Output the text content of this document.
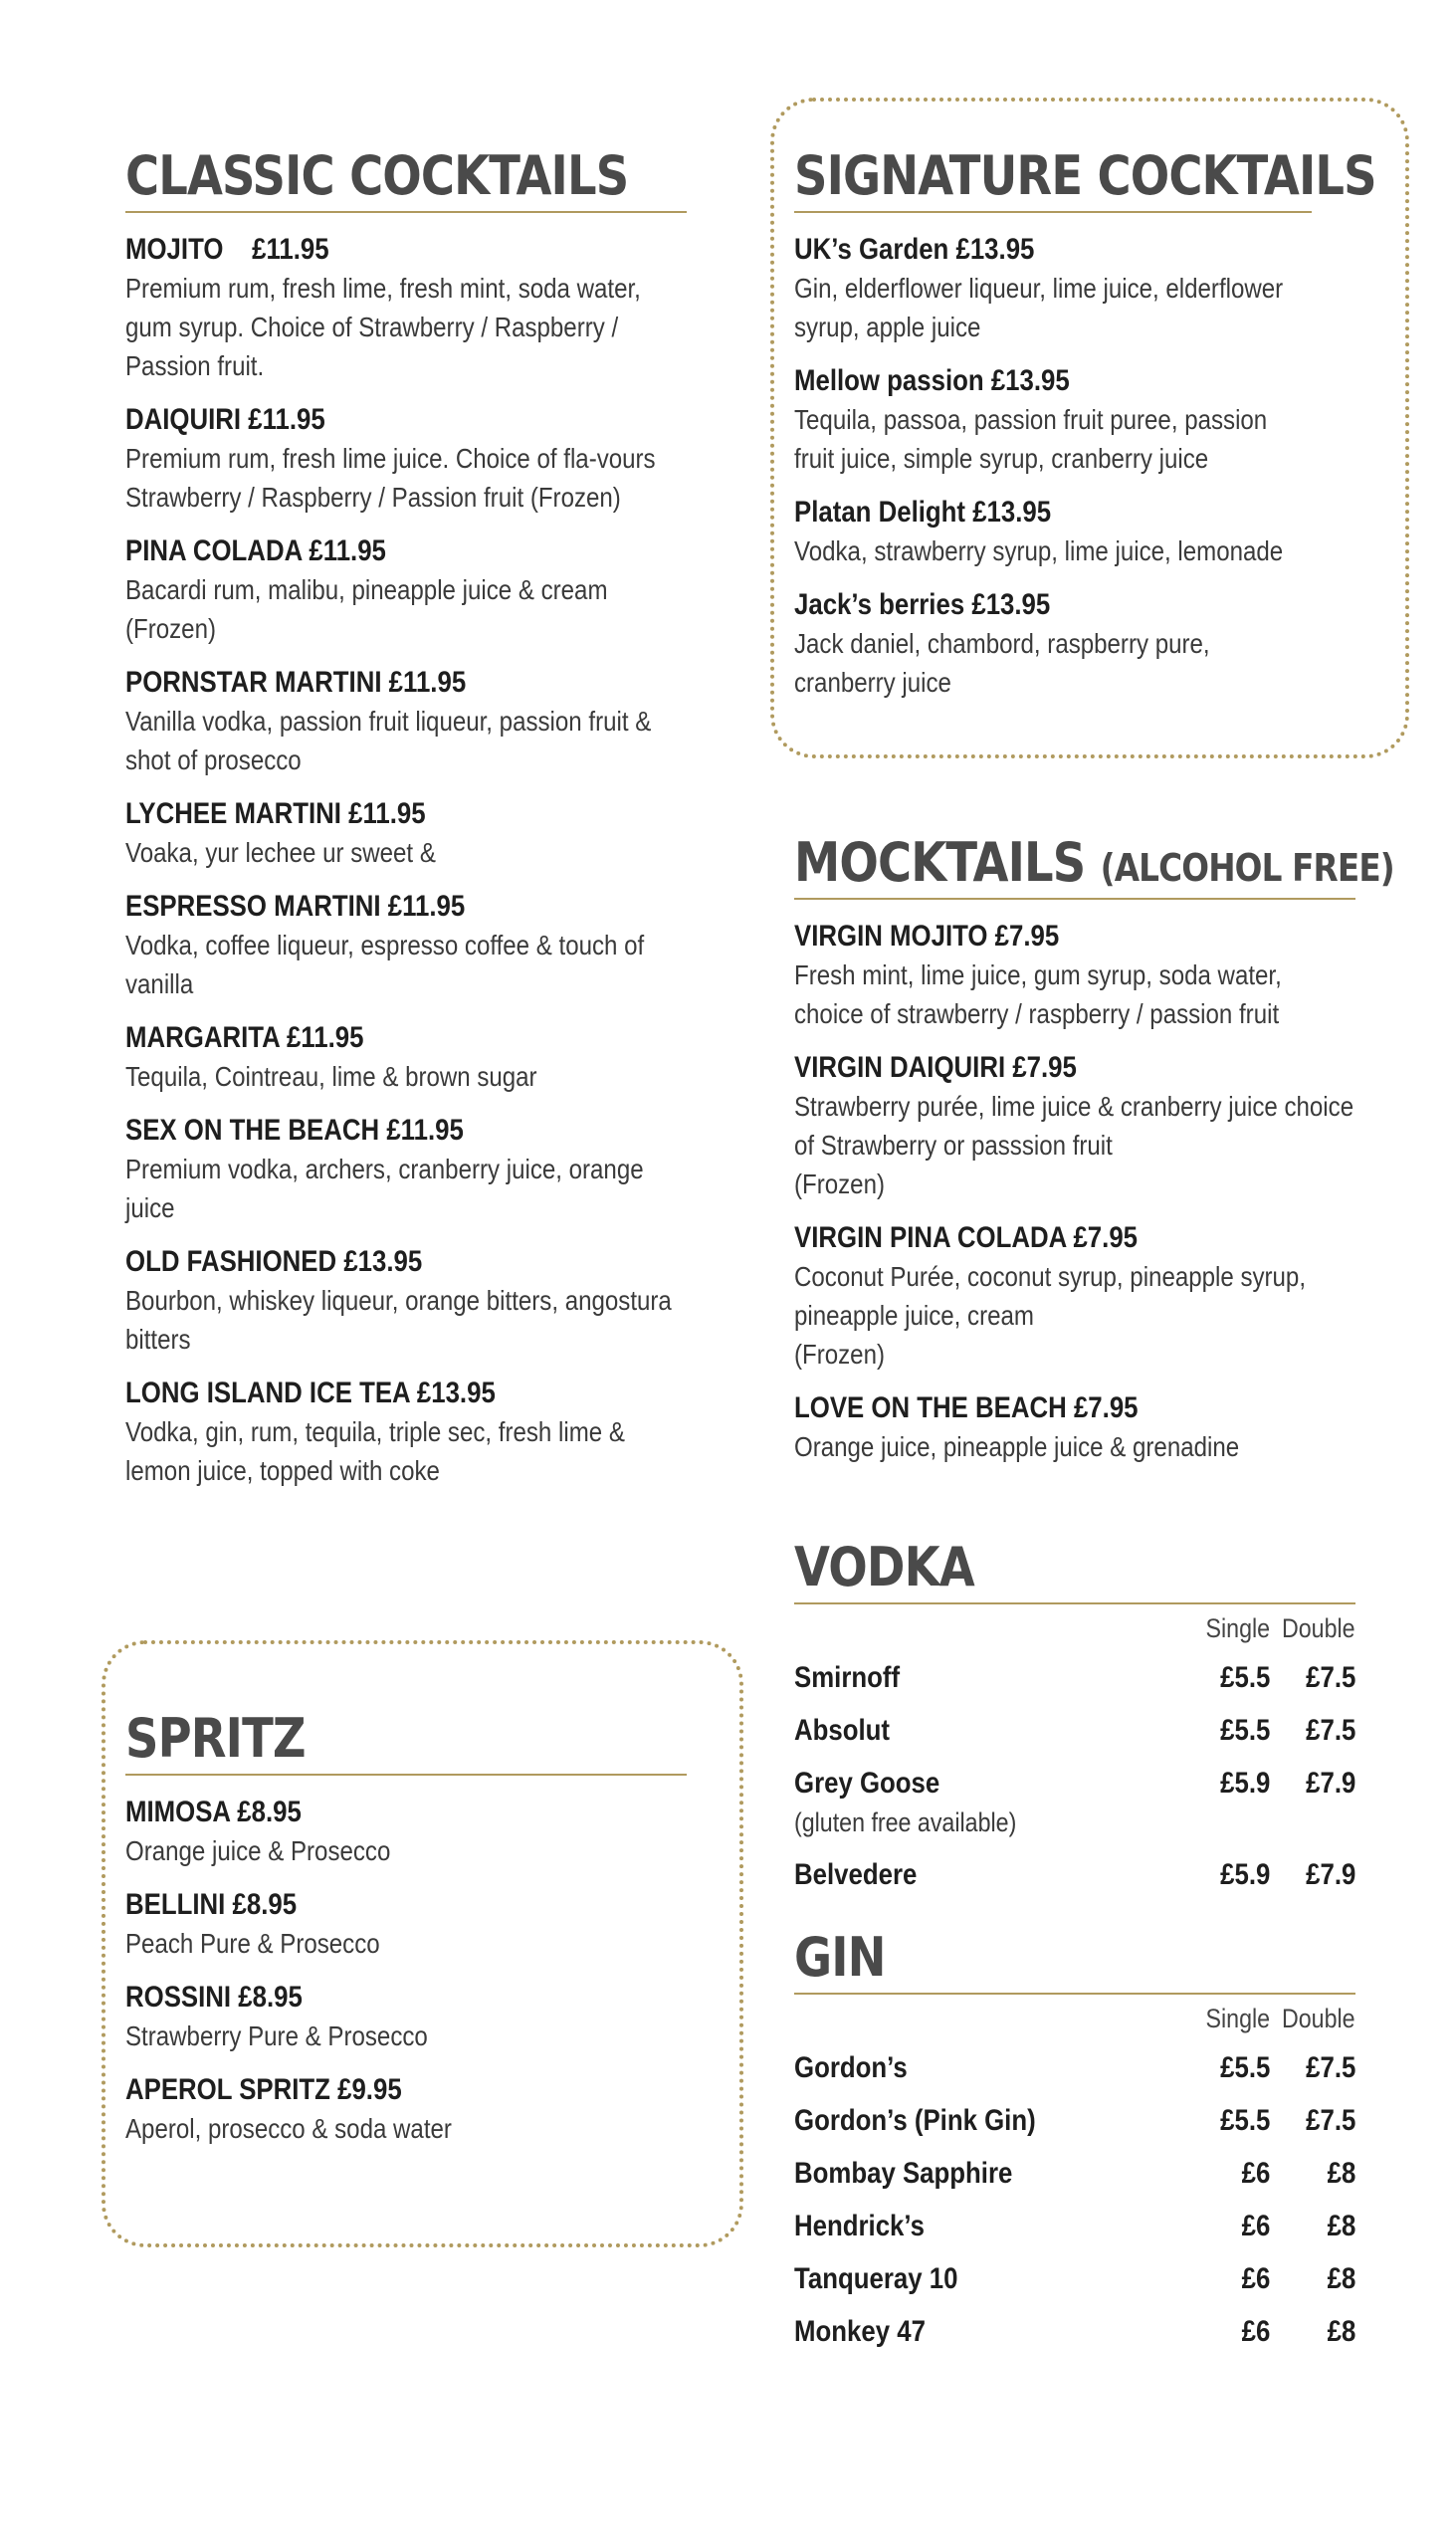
CLASSIC COCKTAILS
MOJITO    £11.95
Premium rum, fresh lime, fresh mint, soda water, gum syrup. Choice of Strawberry / Raspberry / Passion fruit.
DAIQUIRI £11.95
Premium rum, fresh lime juice. Choice of fla-vours Strawberry / Raspberry / Passion fruit (Frozen)
PINA COLADA £11.95
Bacardi rum, malibu, pineapple juice & cream (Frozen)
PORNSTAR MARTINI £11.95
Vanilla vodka, passion fruit liqueur, passion fruit & shot of prosecco
LYCHEE MARTINI £11.95
Voaka, yur lechee ur sweet &
ESPRESSO MARTINI £11.95
Vodka, coffee liqueur, espresso coffee & touch of vanilla
MARGARITA £11.95
Tequila, Cointreau, lime & brown sugar
SEX ON THE BEACH £11.95
Premium vodka, archers, cranberry juice, orange juice
OLD FASHIONED £13.95
Bourbon, whiskey liqueur, orange bitters, angostura bitters
LONG ISLAND ICE TEA £13.95
Vodka, gin, rum, tequila, triple sec, fresh lime & lemon juice, topped with coke
SPRITZ
MIMOSA £8.95
Orange juice & Prosecco
BELLINI £8.95
Peach Pure & Prosecco
ROSSINI £8.95
Strawberry Pure & Prosecco
APEROL SPRITZ £9.95
Aperol, prosecco & soda water
SIGNATURE COCKTAILS
UK’s Garden £13.95
Gin, elderflower liqueur, lime juice, elderflower syrup, apple juice
Mellow passion £13.95
Tequila, passoa, passion fruit puree, passion fruit juice, simple syrup, cranberry juice
Platan Delight £13.95
Vodka, strawberry syrup, lime juice, lemonade
Jack’s berries £13.95
Jack daniel, chambord, raspberry pure, cranberry juice
MOCKTAILS (ALCOHOL FREE)
VIRGIN MOJITO £7.95
Fresh mint, lime juice, gum syrup, soda water, choice of strawberry / raspberry / passion fruit
VIRGIN DAIQUIRI £7.95
Strawberry purée, lime juice & cranberry juice choice of Strawberry or passsion fruit
(Frozen)
VIRGIN PINA COLADA £7.95
Coconut Purée, coconut syrup, pineapple syrup, pineapple juice, cream
(Frozen)
LOVE ON THE BEACH £7.95
Orange juice, pineapple juice & grenadine
VODKA
	Single	Double
Smirnoff	£5.5	£7.5
Absolut	£5.5	£7.5
Grey Goose(gluten free available)	£5.9	£7.9
Belvedere	£5.9	£7.9
GIN
	Single	Double
Gordon’s	£5.5	£7.5
Gordon’s (Pink Gin)	£5.5	£7.5
Bombay Sapphire	£6	£8
Hendrick’s	£6	£8
Tanqueray 10	£6	£8
Monkey 47	£6	£8
